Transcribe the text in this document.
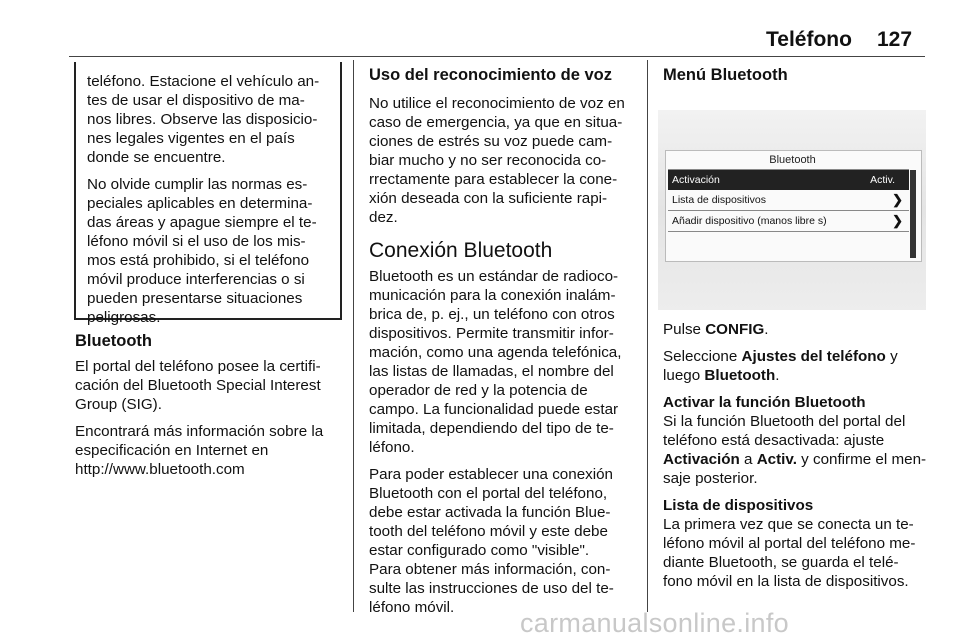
Teléfono 127

teléfono. Estacione el vehículo an-
tes de usar el dispositivo de ma-
nos libres. Observe las disposicio-
nes legales vigentes en el país
donde se encuentre.

No olvide cumplir las normas es-
peciales aplicables en determina-
das áreas y apague siempre el te-
léfono móvil si el uso de los mis-
mos está prohibido, si el teléfono
móvil produce interferencias o si
pueden presentarse situaciones
peligrosas.

Bluetooth

El portal del teléfono posee la certifi-
cación del Bluetooth Special Interest
Group (SIG).

Encontrará más información sobre la
especificación en Internet en
http://www.bluetooth.com

Uso del reconocimiento de voz

No utilice el reconocimiento de voz en
caso de emergencia, ya que en situa-
ciones de estrés su voz puede cam-
biar mucho y no ser reconocida co-
rrectamente para establecer la cone-
xión deseada con la suficiente rapi-
dez.

Conexión Bluetooth

Bluetooth es un estándar de radioco-
municación para la conexión inalám-
brica de, p. ej., un teléfono con otros
dispositivos. Permite transmitir infor-
mación, como una agenda telefónica,
las listas de llamadas, el nombre del
operador de red y la potencia de
campo. La funcionalidad puede estar
limitada, dependiendo del tipo de te-
léfono.

Para poder establecer una conexión
Bluetooth con el portal del teléfono,
debe estar activada la función Blue-
tooth del teléfono móvil y este debe
estar configurado como "visible".
Para obtener más información, con-
sulte las instrucciones de uso del te-
léfono móvil.

Menú Bluetooth
Bluetooth
Activación	Activ.
Lista de dispositivos	❯
Añadir dispositivo (manos libre s)	❯

Pulse CONFIG.

Seleccione Ajustes del teléfono y
luego Bluetooth.

Activar la función Bluetooth

Si la función Bluetooth del portal del
teléfono está desactivada: ajuste
Activación a Activ. y confirme el men-
saje posterior.

Lista de dispositivos

La primera vez que se conecta un te-
léfono móvil al portal del teléfono me-
diante Bluetooth, se guarda el telé-
fono móvil en la lista de dispositivos.

carmanualsonline.info
